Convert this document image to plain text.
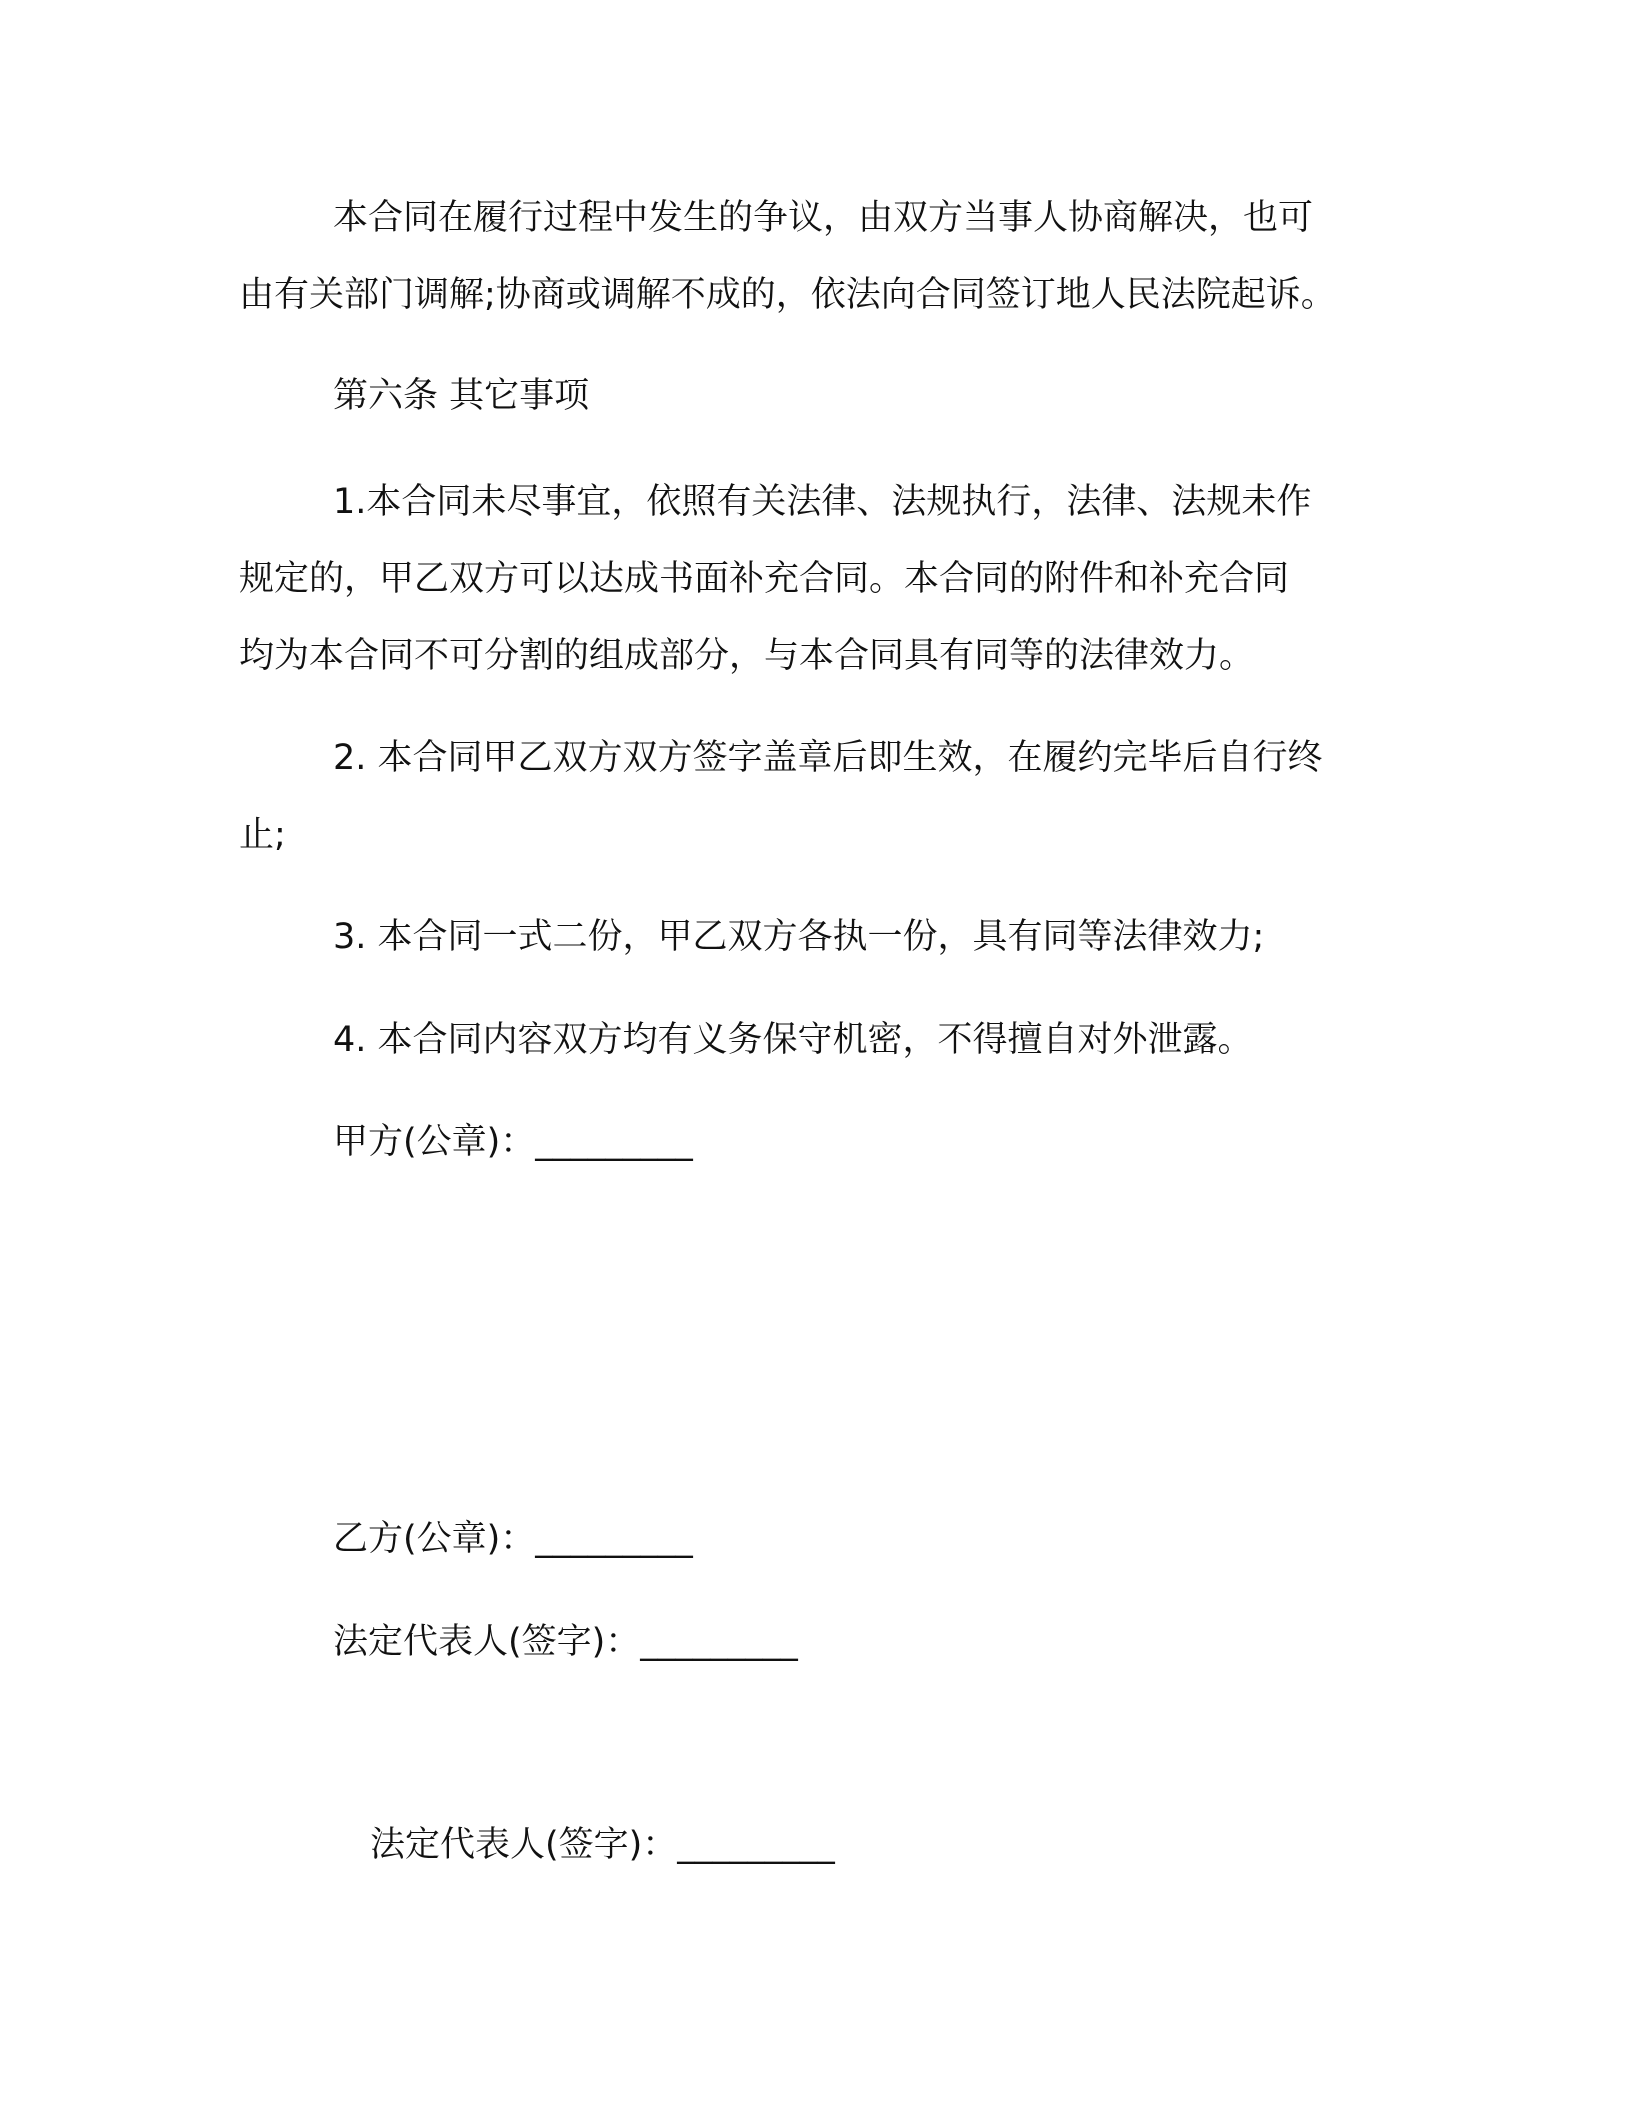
本合同在履行过程中发生的争议，由双方当事人协商解决，也可
由有关部门调解;协商或调解不成的，依法向合同签订地人民法院起诉。
第六条 其它事项
1.本合同未尽事宜，依照有关法律、法规执行，法律、法规未作
规定的，甲乙双方可以达成书面补充合同。本合同的附件和补充合同
均为本合同不可分割的组成部分，与本合同具有同等的法律效力。
2. 本合同甲乙双方双方签字盖章后即生效，在履约完毕后自行终
止;
3. 本合同一式二份，甲乙双方各执一份，具有同等法律效力;
4. 本合同内容双方均有义务保守机密，不得擅自对外泄露。
甲方(公章)：_________
乙方(公章)：_________
法定代表人(签字)：_________
法定代表人(签字)：_________
